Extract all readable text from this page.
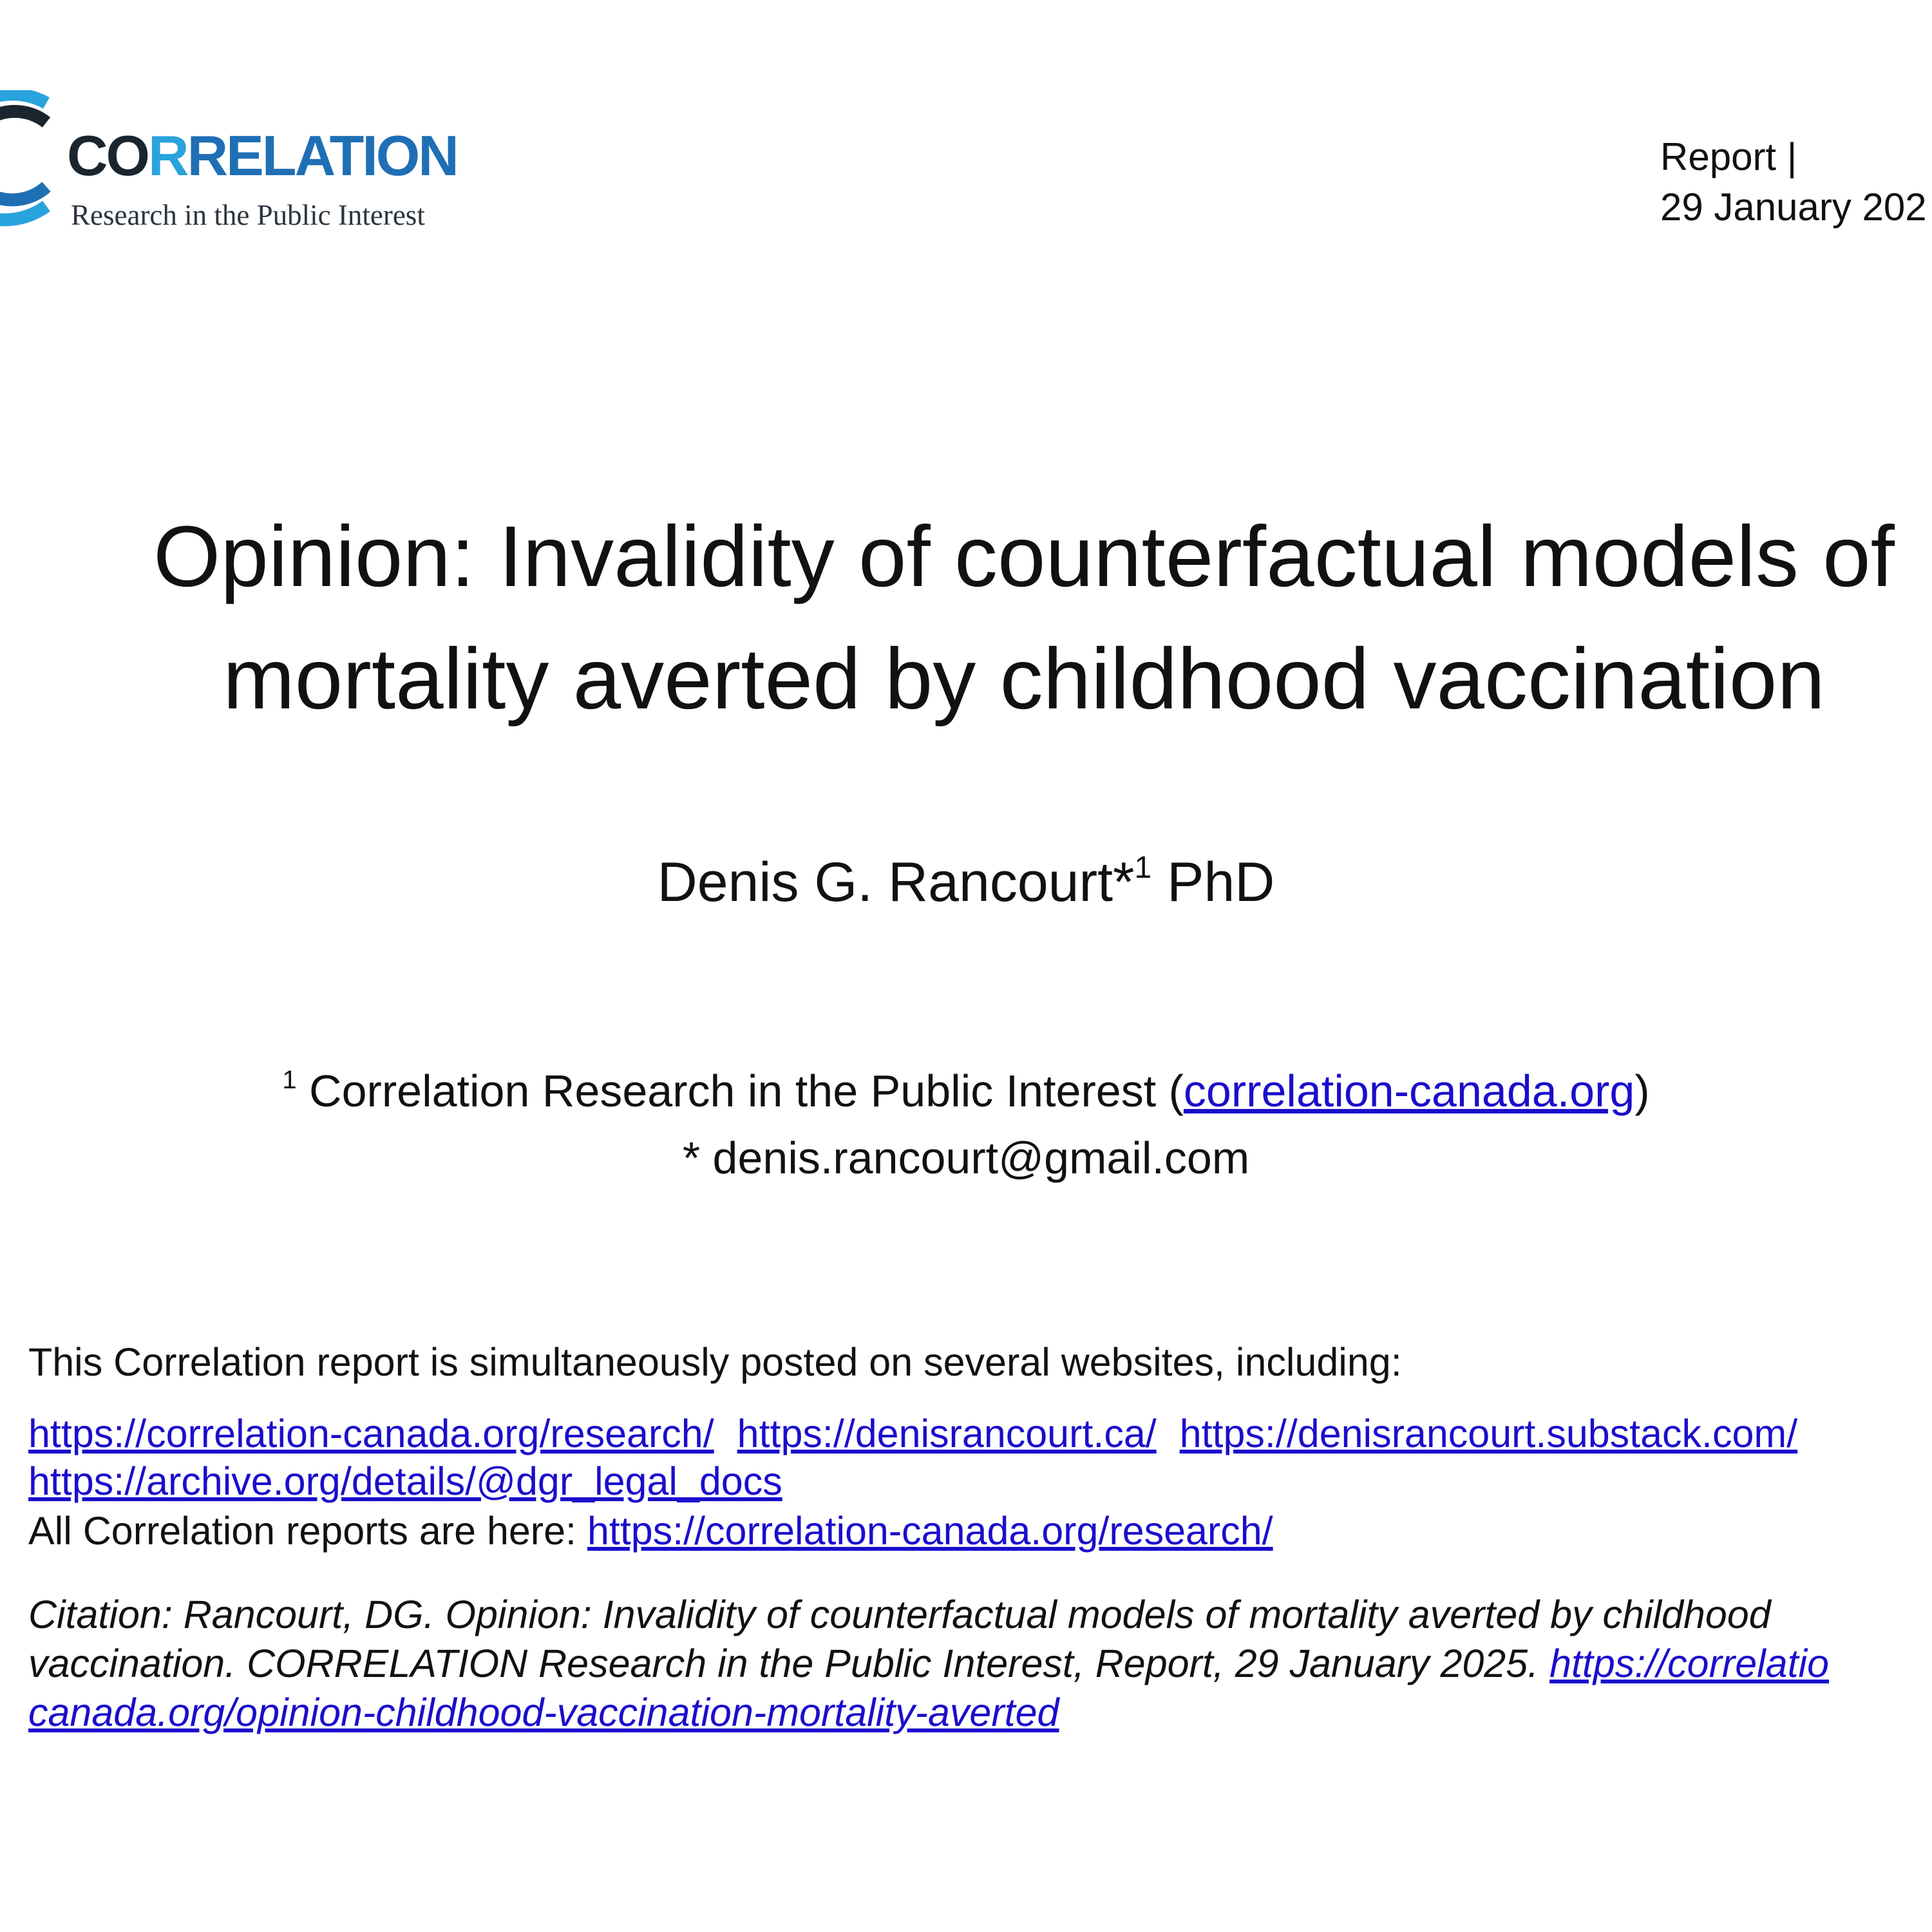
CORRELATION
Research in the Public Interest
Report |
29 January 202
Opinion: Invalidity of counterfactual models of
mortality averted by childhood vaccination
Denis G. Rancourt*$^1$ PhD
$^1$ Correlation Research in the Public Interest (correlation-canada.org)
* denis.rancourt@gmail.com

This Correlation report is simultaneously posted on several websites, including:

https://correlation-canada.org/research/ https://denisrancourt.ca/ https://denisrancourt.substack.com/

https://archive.org/details/@dgr_legal_docs

All Correlation reports are here: https://correlation-canada.org/research/

Citation: Rancourt, DG. Opinion: Invalidity of counterfactual models of mortality averted by childhood

vaccination. CORRELATION Research in the Public Interest, Report, 29 January 2025. https://correlatio

canada.org/opinion-childhood-vaccination-mortality-averted
